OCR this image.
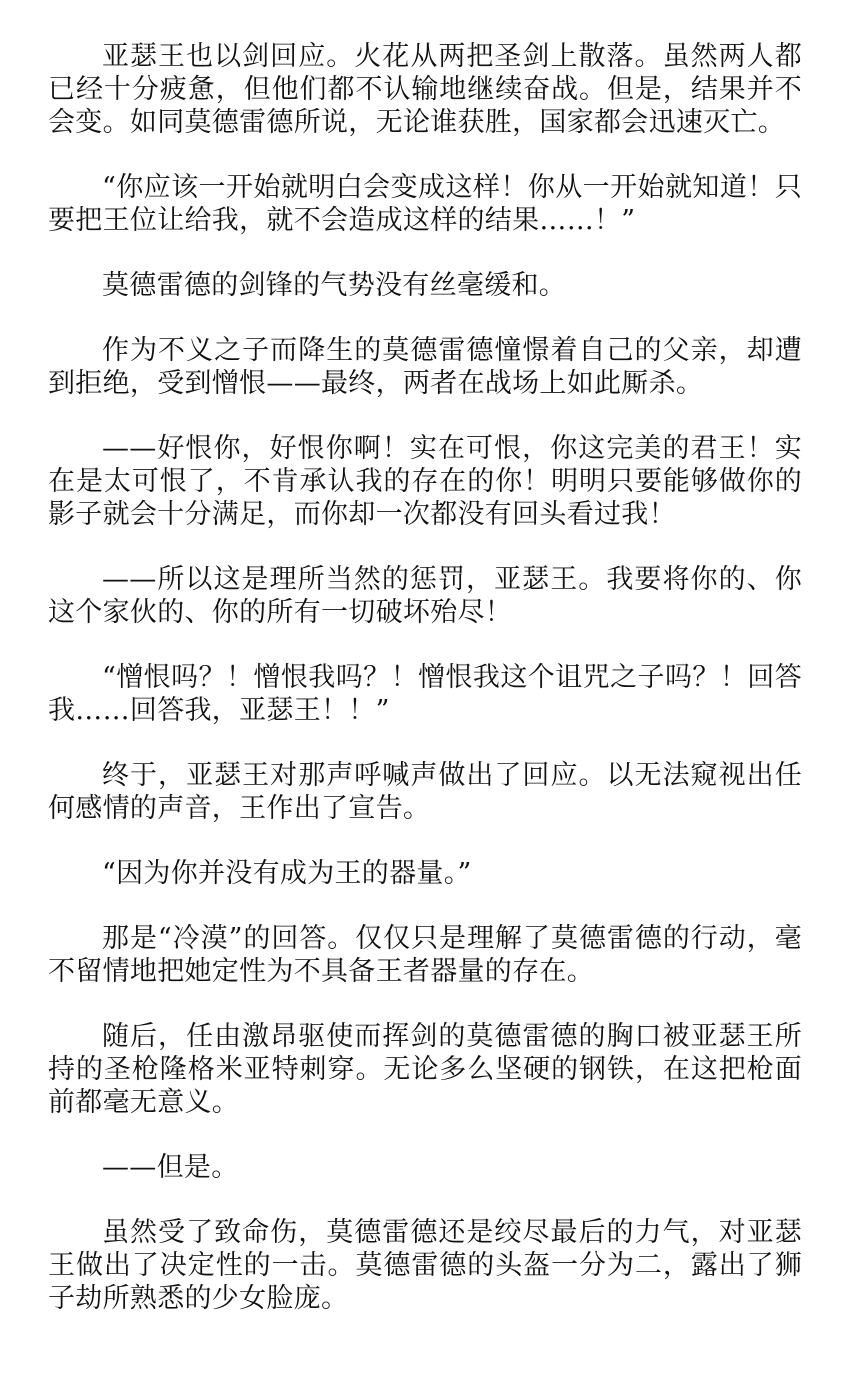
亚瑟王也以剑回应。火花从两把圣剑上散落。虽然两人都已经十分疲惫，但他们都不认输地继续奋战。但是，结果并不会变。如同莫德雷德所说，无论谁获胜，国家都会迅速灭亡。

“你应该一开始就明白会变成这样！你从一开始就知道！只要把王位让给我，就不会造成这样的结果……！”

莫德雷德的剑锋的气势没有丝毫缓和。

作为不义之子而降生的莫德雷德憧憬着自己的父亲，却遭到拒绝，受到憎恨——最终，两者在战场上如此厮杀。

——好恨你，好恨你啊！实在可恨，你这完美的君王！实在是太可恨了，不肯承认我的存在的你！明明只要能够做你的影子就会十分满足，而你却一次都没有回头看过我！

——所以这是理所当然的惩罚，亚瑟王。我要将你的、你这个家伙的、你的所有一切破坏殆尽！

“憎恨吗？！憎恨我吗？！憎恨我这个诅咒之子吗？！回答我……回答我，亚瑟王！！”

终于，亚瑟王对那声呼喊声做出了回应。以无法窥视出任何感情的声音，王作出了宣告。

“因为你并没有成为王的器量。”

那是“冷漠”的回答。仅仅只是理解了莫德雷德的行动，毫不留情地把她定性为不具备王者器量的存在。

随后，任由激昂驱使而挥剑的莫德雷德的胸口被亚瑟王所持的圣枪隆格米亚特刺穿。无论多么坚硬的钢铁，在这把枪面前都毫无意义。

——但是。

虽然受了致命伤，莫德雷德还是绞尽最后的力气，对亚瑟王做出了决定性的一击。莫德雷德的头盔一分为二，露出了狮子劫所熟悉的少女脸庞。
